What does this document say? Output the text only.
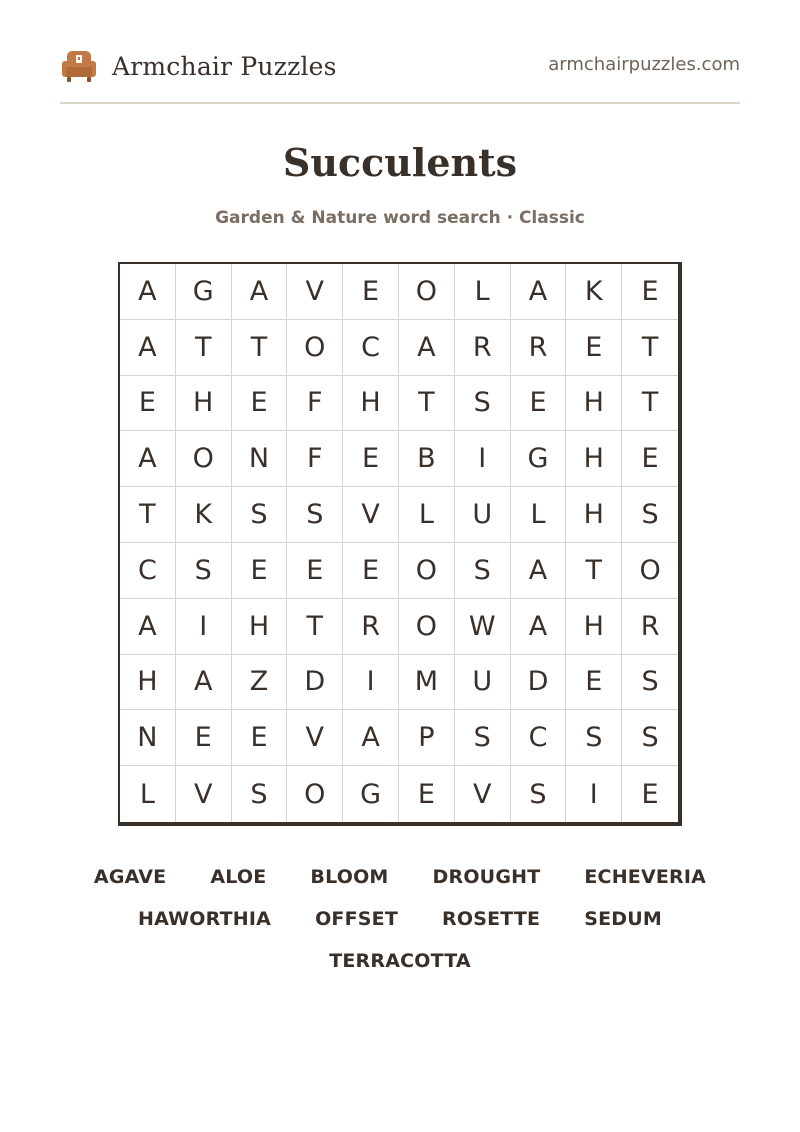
Armchair Puzzles	armchairpuzzles.com
Succulents
Garden & Nature word search · Classic
A	G	A	V	E	O	L	A	K	E
A	T	T	O	C	A	R	R	E	T
E	H	E	F	H	T	S	E	H	T
A	O	N	F	E	B	I	G	H	E
T	K	S	S	V	L	U	L	H	S
C	S	E	E	E	O	S	A	T	O
A	I	H	T	R	O	W	A	H	R
H	A	Z	D	I	M	U	D	E	S
N	E	E	V	A	P	S	C	S	S
L	V	S	O	G	E	V	S	I	E
AGAVE ALOE BLOOM DROUGHT ECHEVERIA
HAWORTHIA OFFSET ROSETTE SEDUM
TERRACOTTA
